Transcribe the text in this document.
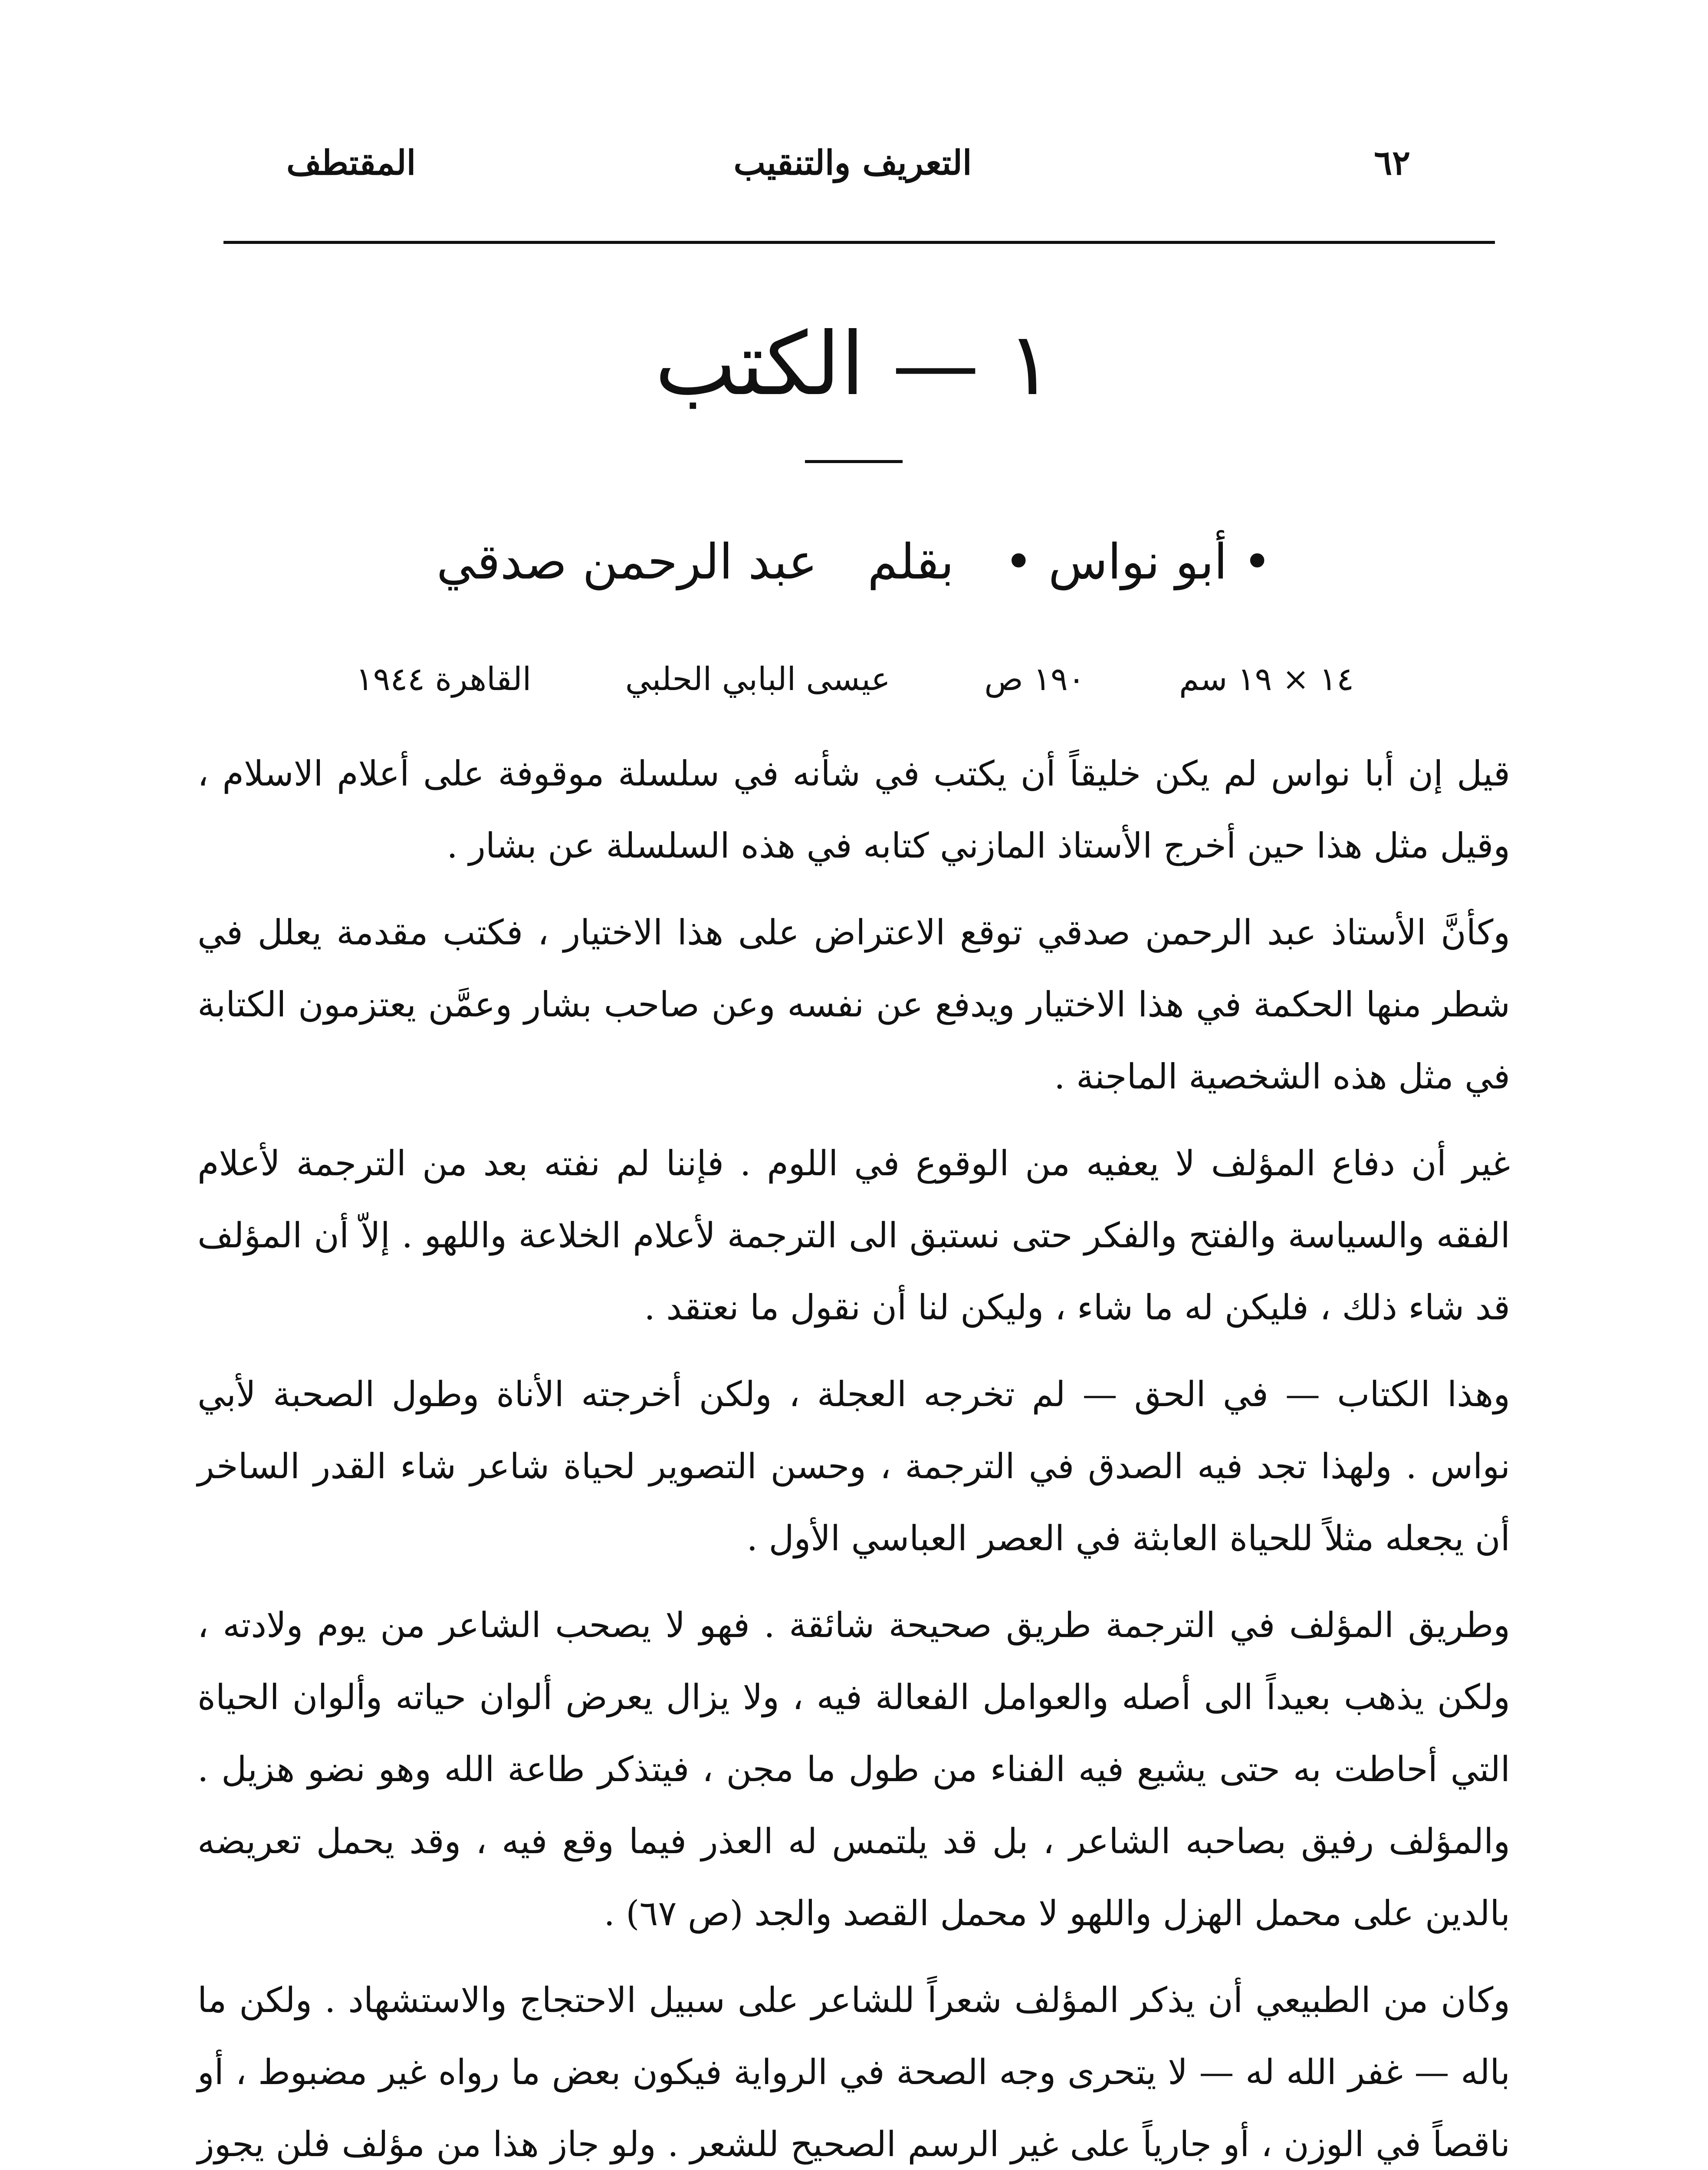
المقتطف	التعريف والتنقيب	٦٢
١ — الكتب
• أبو نواس • بقلم عبد الرحمن صدقي
١٤ × ١٩ سم
١٩٠ ص
عيسى البابي الحلبي
القاهرة ١٩٤٤

قيل إن أبا نواس لم يكن خليقاً أن يكتب في شأنه في سلسلة موقوفة على أعلام الاسلام ، وقيل مثل هذا حين أخرج الأستاذ المازني كتابه في هذه السلسلة عن بشار .

وكأنَّ الأستاذ عبد الرحمن صدقي توقع الاعتراض على هذا الاختيار ، فكتب مقدمة يعلل في شطر منها الحكمة في هذا الاختيار ويدفع عن نفسه وعن صاحب بشار وعمَّن يعتزمون الكتابة في مثل هذه الشخصية الماجنة .

غير أن دفاع المؤلف لا يعفيه من الوقوع في اللوم . فإننا لم نفته بعد من الترجمة لأعلام الفقه والسياسة والفتح والفكر حتى نستبق الى الترجمة لأعلام الخلاعة واللهو . إلاّ أن المؤلف قد شاء ذلك ، فليكن له ما شاء ، وليكن لنا أن نقول ما نعتقد .

وهذا الكتاب — في الحق — لم تخرجه العجلة ، ولكن أخرجته الأناة وطول الصحبة لأبي نواس . ولهذا تجد فيه الصدق في الترجمة ، وحسن التصوير لحياة شاعر شاء القدر الساخر أن يجعله مثلاً للحياة العابثة في العصر العباسي الأول .

وطريق المؤلف في الترجمة طريق صحيحة شائقة . فهو لا يصحب الشاعر من يوم ولادته ، ولكن يذهب بعيداً الى أصله والعوامل الفعالة فيه ، ولا يزال يعرض ألوان حياته وألوان الحياة التي أحاطت به حتى يشيع فيه الفناء من طول ما مجن ، فيتذكر طاعة الله وهو نضو هزيل . والمؤلف رفيق بصاحبه الشاعر ، بل قد يلتمس له العذر فيما وقع فيه ، وقد يحمل تعريضه بالدين على محمل الهزل واللهو لا محمل القصد والجد (ص ٦٧) .

وكان من الطبيعي أن يذكر المؤلف شعراً للشاعر على سبيل الاحتجاج والاستشهاد . ولكن ما باله — غفر الله له — لا يتحرى وجه الصحة في الرواية فيكون بعض ما رواه غير مضبوط ، أو ناقصاً في الوزن ، أو جارياً على غير الرسم الصحيح للشعر . ولو جاز هذا من مؤلف فلن يجوز
